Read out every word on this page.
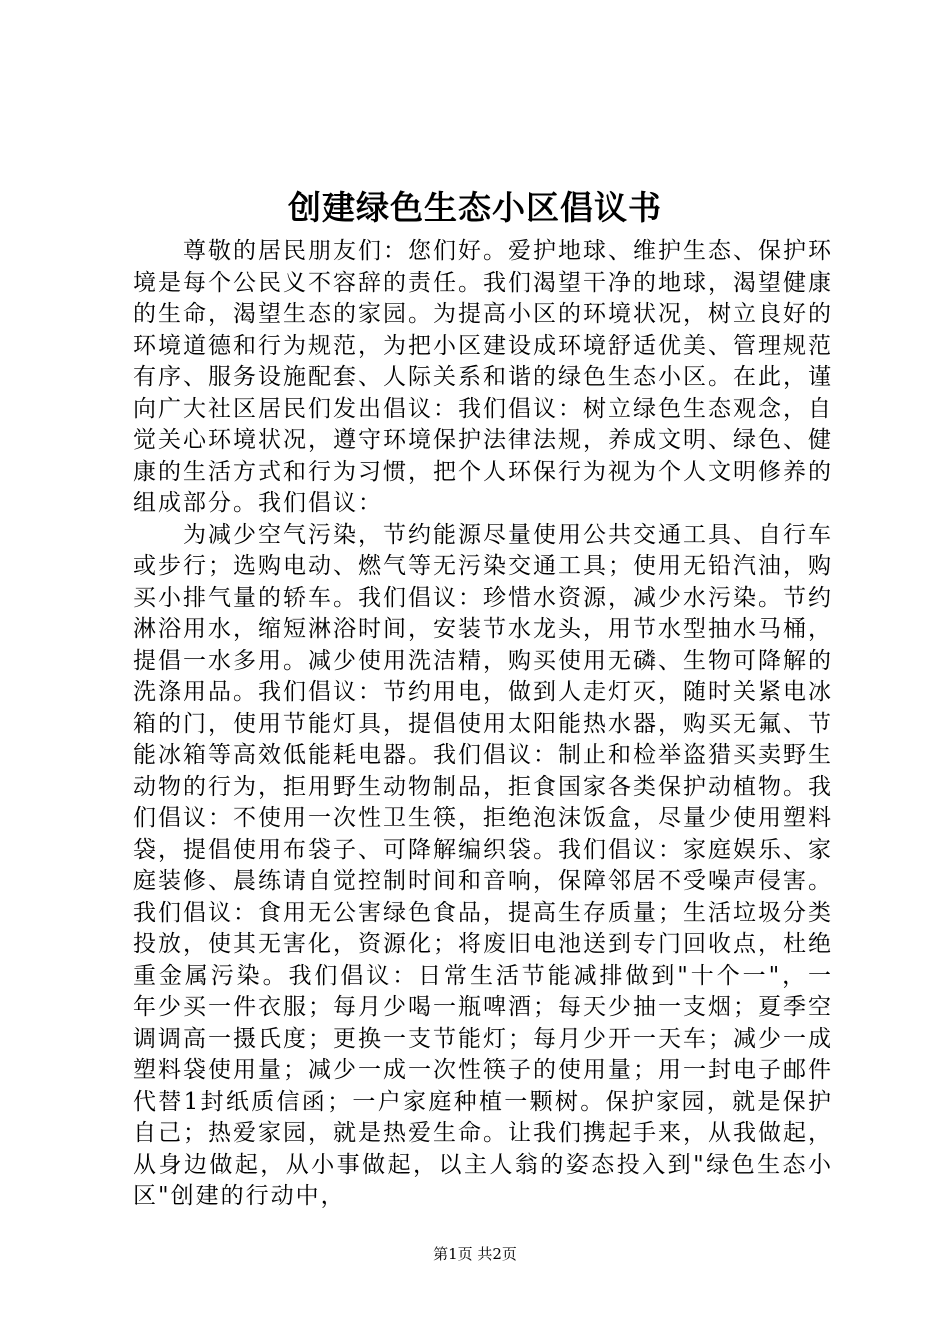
创建绿色生态小区倡议书

尊敬的居民朋友们：您们好。爱护地球、维护生态、保护环境是每个公民义不容辞的责任。我们渴望干净的地球，渴望健康的生命，渴望生态的家园。为提高小区的环境状况，树立良好的环境道德和行为规范，为把小区建设成环境舒适优美、管理规范有序、服务设施配套、人际关系和谐的绿色生态小区。在此，谨向广大社区居民们发出倡议：我们倡议：树立绿色生态观念，自觉关心环境状况，遵守环境保护法律法规，养成文明、绿色、健康的生活方式和行为习惯，把个人环保行为视为个人文明修养的组成部分。我们倡议：

为减少空气污染，节约能源尽量使用公共交通工具、自行车或步行；选购电动、燃气等无污染交通工具；使用无铅汽油，购买小排气量的轿车。我们倡议：珍惜水资源，减少水污染。节约淋浴用水，缩短淋浴时间，安装节水龙头，用节水型抽水马桶，提倡一水多用。减少使用洗洁精，购买使用无磷、生物可降解的洗涤用品。我们倡议：节约用电，做到人走灯灭，随时关紧电冰箱的门，使用节能灯具，提倡使用太阳能热水器，购买无氟、节能冰箱等高效低能耗电器。我们倡议：制止和检举盗猎买卖野生动物的行为，拒用野生动物制品，拒食国家各类保护动植物。我们倡议：不使用一次性卫生筷，拒绝泡沫饭盒，尽量少使用塑料袋，提倡使用布袋子、可降解编织袋。我们倡议：家庭娱乐、家庭装修、晨练请自觉控制时间和音响，保障邻居不受噪声侵害。我们倡议：食用无公害绿色食品，提高生存质量；生活垃圾分类投放，使其无害化，资源化；将废旧电池送到专门回收点，杜绝重金属污染。我们倡议：日常生活节能减排做到"十个一"，一年少买一件衣服；每月少喝一瓶啤酒；每天少抽一支烟；夏季空调调高一摄氏度；更换一支节能灯；每月少开一天车；减少一成塑料袋使用量；减少一成一次性筷子的使用量；用一封电子邮件代替1封纸质信函；一户家庭种植一颗树。保护家园，就是保护自己；热爱家园，就是热爱生命。让我们携起手来，从我做起，从身边做起，从小事做起，以主人翁的姿态投入到"绿色生态小区"创建的行动中，

第1页 共2页
